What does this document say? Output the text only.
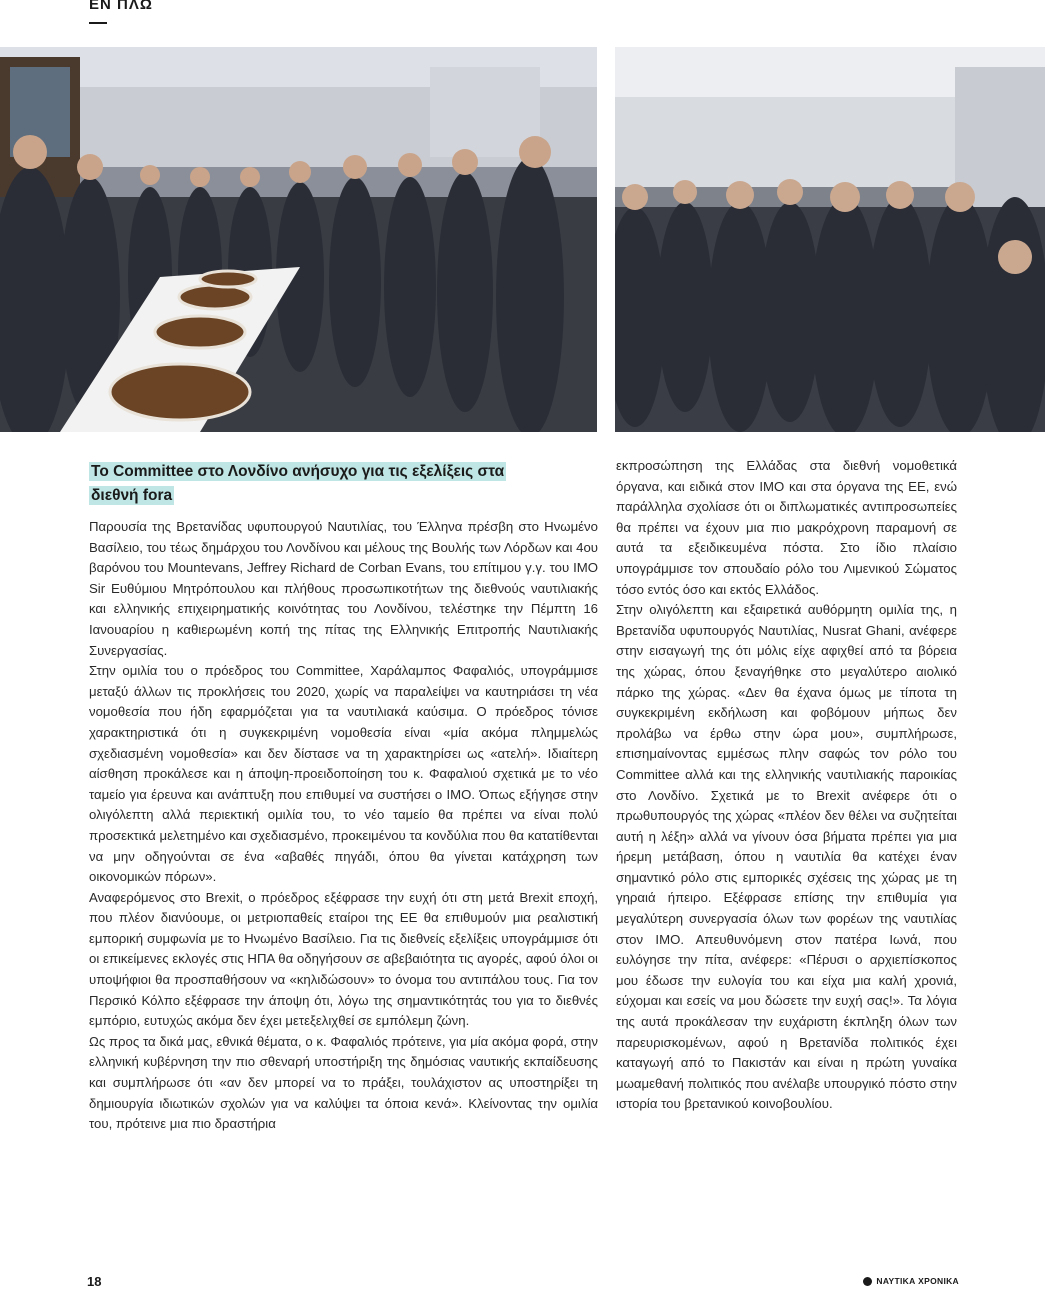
ΕΝ ΠΛΩ
Το Committee στο Λονδίνο ανήσυχο για τις εξελίξεις στα διεθνή fora

Παρουσία της Βρετανίδας υφυπουργού Ναυτιλίας, του Έλληνα πρέσβη στο Ηνωμένο Βασίλειο, του τέως δημάρχου του Λονδίνου και μέλους της Βουλής των Λόρδων και 4ου βαρόνου του Mountevans, Jeffrey Richard de Corban Evans, του επίτιμου γ.γ. του ΙΜΟ Sir Ευθύμιου Μητρόπουλου και πλήθους προσωπικοτήτων της διεθνούς ναυτιλιακής και ελληνικής επιχειρηματικής κοινότητας του Λονδίνου, τελέστηκε την Πέμπτη 16 Ιανουαρίου η καθιερωμένη κοπή της πίτας της Ελληνικής Επιτροπής Ναυτιλιακής Συνεργασίας.

Στην ομιλία του ο πρόεδρος του Committee, Χαράλαμπος Φαφαλιός, υπογράμμισε μεταξύ άλλων τις προκλήσεις του 2020, χωρίς να παραλείψει να καυτηριάσει τη νέα νομοθεσία που ήδη εφαρμόζεται για τα ναυτιλιακά καύσιμα. Ο πρόεδρος τόνισε χαρακτηριστικά ότι η συγκεκριμένη νομοθεσία είναι «μία ακόμα πλημμελώς σχεδιασμένη νομοθεσία» και δεν δίστασε να τη χαρακτηρίσει ως «ατελή». Ιδιαίτερη αίσθηση προκάλεσε και η άποψη-προειδοποίηση του κ. Φαφαλιού σχετικά με το νέο ταμείο για έρευνα και ανάπτυξη που επιθυμεί να συστήσει ο ΙΜΟ. Όπως εξήγησε στην ολιγόλεπτη αλλά περιεκτική ομιλία του, το νέο ταμείο θα πρέπει να είναι πολύ προσεκτικά μελετημένο και σχεδιασμένο, προκειμένου τα κονδύλια που θα κατατίθενται να μην οδηγούνται σε ένα «αβαθές πηγάδι, όπου θα γίνεται κατάχρηση των οικονομικών πόρων».

Αναφερόμενος στο Brexit, ο πρόεδρος εξέφρασε την ευχή ότι στη μετά Brexit εποχή, που πλέον διανύουμε, οι μετριοπαθείς εταίροι της ΕΕ θα επιθυμούν μια ρεαλιστική εμπορική συμφωνία με το Ηνωμένο Βασίλειο. Για τις διεθνείς εξελίξεις υπογράμμισε ότι οι επικείμενες εκλογές στις ΗΠΑ θα οδηγήσουν σε αβεβαιότητα τις αγορές, αφού όλοι οι υποψήφιοι θα προσπαθήσουν να «κηλιδώσουν» το όνομα του αντιπάλου τους. Για τον Περσικό Κόλπο εξέφρασε την άποψη ότι, λόγω της σημαντικότητάς του για το διεθνές εμπόριο, ευτυχώς ακόμα δεν έχει μετεξελιχθεί σε εμπόλεμη ζώνη.

Ως προς τα δικά μας, εθνικά θέματα, ο κ. Φαφαλιός πρότεινε, για μία ακόμα φορά, στην ελληνική κυβέρνηση την πιο σθεναρή υποστήριξη της δημόσιας ναυτικής εκπαίδευσης και συμπλήρωσε ότι «αν δεν μπορεί να το πράξει, τουλάχιστον ας υποστηρίξει τη δημιουργία ιδιωτικών σχολών για να καλύψει τα όποια κενά». Κλείνοντας την ομιλία του, πρότεινε μια πιο δραστήρια

εκπροσώπηση της Ελλάδας στα διεθνή νομοθετικά όργανα, και ειδικά στον ΙΜΟ και στα όργανα της ΕΕ, ενώ παράλληλα σχολίασε ότι οι διπλωματικές αντιπροσωπείες θα πρέπει να έχουν μια πιο μακρόχρονη παραμονή σε αυτά τα εξειδικευμένα πόστα. Στο ίδιο πλαίσιο υπογράμμισε τον σπουδαίο ρόλο του Λιμενικού Σώματος τόσο εντός όσο και εκτός Ελλάδος.

Στην ολιγόλεπτη και εξαιρετικά αυθόρμητη ομιλία της, η Βρετανίδα υφυπουργός Ναυτιλίας, Nusrat Ghani, ανέφερε στην εισαγωγή της ότι μόλις είχε αφιχθεί από τα βόρεια της χώρας, όπου ξεναγήθηκε στο μεγαλύτερο αιολικό πάρκο της χώρας. «Δεν θα έχανα όμως με τίποτα τη συγκεκριμένη εκδήλωση και φοβόμουν μήπως δεν προλάβω να έρθω στην ώρα μου», συμπλήρωσε, επισημαίνοντας εμμέσως πλην σαφώς τον ρόλο του Committee αλλά και της ελληνικής ναυτιλιακής παροικίας στο Λονδίνο. Σχετικά με το Brexit ανέφερε ότι ο πρωθυπουργός της χώρας «πλέον δεν θέλει να συζητείται αυτή η λέξη» αλλά να γίνουν όσα βήματα πρέπει για μια ήρεμη μετάβαση, όπου η ναυτιλία θα κατέχει έναν σημαντικό ρόλο στις εμπορικές σχέσεις της χώρας με τη γηραιά ήπειρο. Εξέφρασε επίσης την επιθυμία για μεγαλύτερη συνεργασία όλων των φορέων της ναυτιλίας στον ΙΜΟ. Απευθυνόμενη στον πατέρα Ιωνά, που ευλόγησε την πίτα, ανέφερε: «Πέρυσι ο αρχιεπίσκοπος μου έδωσε την ευλογία του και είχα μια καλή χρονιά, εύχομαι και εσείς να μου δώσετε την ευχή σας!». Τα λόγια της αυτά προκάλεσαν την ευχάριστη έκπληξη όλων των παρευρισκομένων, αφού η Βρετανίδα πολιτικός έχει καταγωγή από το Πακιστάν και είναι η πρώτη γυναίκα μωαμεθανή πολιτικός που ανέλαβε υπουργικό πόστο στην ιστορία του βρετανικού κοινοβουλίου.

18	ΝΑΥΤΙΚΑ ΧΡΟΝΙΚΑ
